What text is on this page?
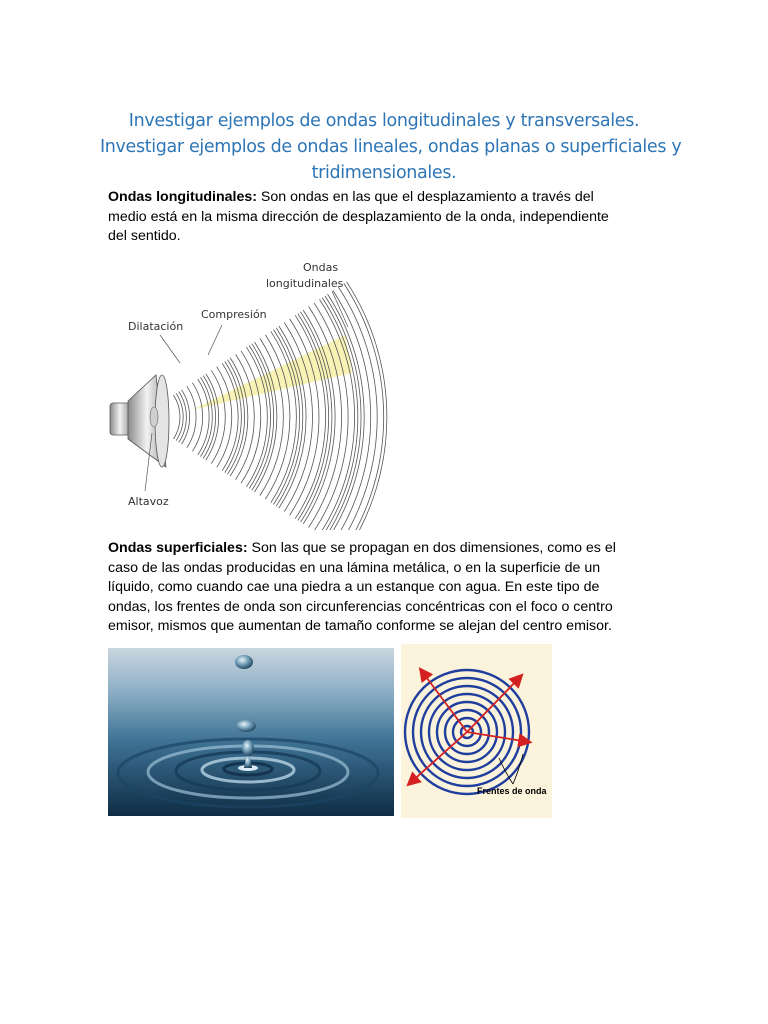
Investigar ejemplos de ondas longitudinales y transversales.
Investigar ejemplos de ondas lineales, ondas planas o superficiales y
tridimensionales.
Ondas longitudinales: Son ondas en las que el desplazamiento a través del
medio está en la misma dirección de desplazamiento de la onda, independiente
del sentido.
Ondas
longitudinales
Compresión
Dilatación
Altavoz
Ondas superficiales: Son las que se propagan en dos dimensiones, como es el
caso de las ondas producidas en una lámina metálica, o en la superficie de un
líquido, como cuando cae una piedra a un estanque con agua. En este tipo de
ondas, los frentes de onda son circunferencias concéntricas con el foco o centro
emisor, mismos que aumentan de tamaño conforme se alejan del centro emisor.
Frentes de onda
